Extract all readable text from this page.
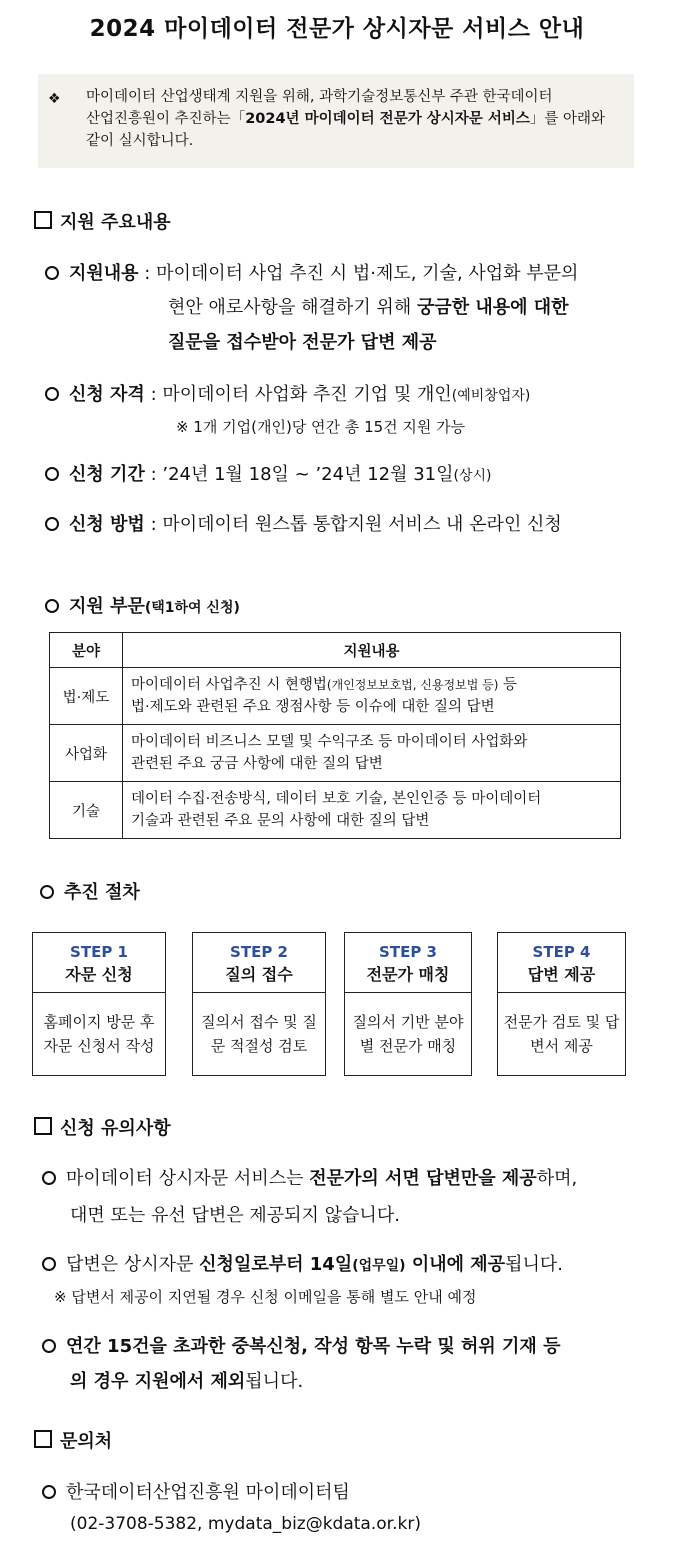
2024 마이데이터 전문가 상시자문 서비스 안내
❖ 마이데이터 산업생태계 지원을 위해, 과학기술정보통신부 주관 한국데이터
산업진흥원이 추진하는「2024년 마이데이터 전문가 상시자문 서비스」를 아래와
같이 실시합니다.
지원 주요내용
지원내용 : 마이데이터 사업 추진 시 법·제도, 기술, 사업화 부문의
현안 애로사항을 해결하기 위해 궁금한 내용에 대한
질문을 접수받아 전문가 답변 제공
신청 자격 : 마이데이터 사업화 추진 기업 및 개인(예비창업자)
※ 1개 기업(개인)당 연간 총 15건 지원 가능
신청 기간 : ’24년 1월 18일 ~ ’24년 12월 31일(상시)
신청 방법 : 마이데이터 원스톱 통합지원 서비스 내 온라인 신청
지원 부문(택1하여 신청)
분야	지원내용
법·제도	마이데이터 사업추진 시 현행법(개인정보보호법, 신용정보법 등) 등
법·제도와 관련된 주요 쟁점사항 등 이슈에 대한 질의 답변

사업화	마이데이터 비즈니스 모델 및 수익구조 등 마이데이터 사업화와
관련된 주요 궁금 사항에 대한 질의 답변

기술	데이터 수집·전송방식, 데이터 보호 기술, 본인인증 등 마이데이터
기술과 관련된 주요 문의 사항에 대한 질의 답변
추진 절차
STEP 1
자문 신청
홈페이지 방문 후 자문 신청서 작성
STEP 2
질의 접수
질의서 접수 및 질문 적절성 검토
STEP 3
전문가 매칭
질의서 기반 분야별 전문가 매칭
STEP 4
답변 제공
전문가 검토 및 답변서 제공
신청 유의사항
마이데이터 상시자문 서비스는 전문가의 서면 답변만을 제공하며,
대면 또는 유선 답변은 제공되지 않습니다.
답변은 상시자문 신청일로부터 14일(업무일) 이내에 제공됩니다.
※ 답변서 제공이 지연될 경우 신청 이메일을 통해 별도 안내 예정
연간 15건을 초과한 중복신청, 작성 항목 누락 및 허위 기재 등
의 경우 지원에서 제외됩니다.
문의처
한국데이터산업진흥원 마이데이터팀
(02-3708-5382, mydata_biz@kdata.or.kr)
